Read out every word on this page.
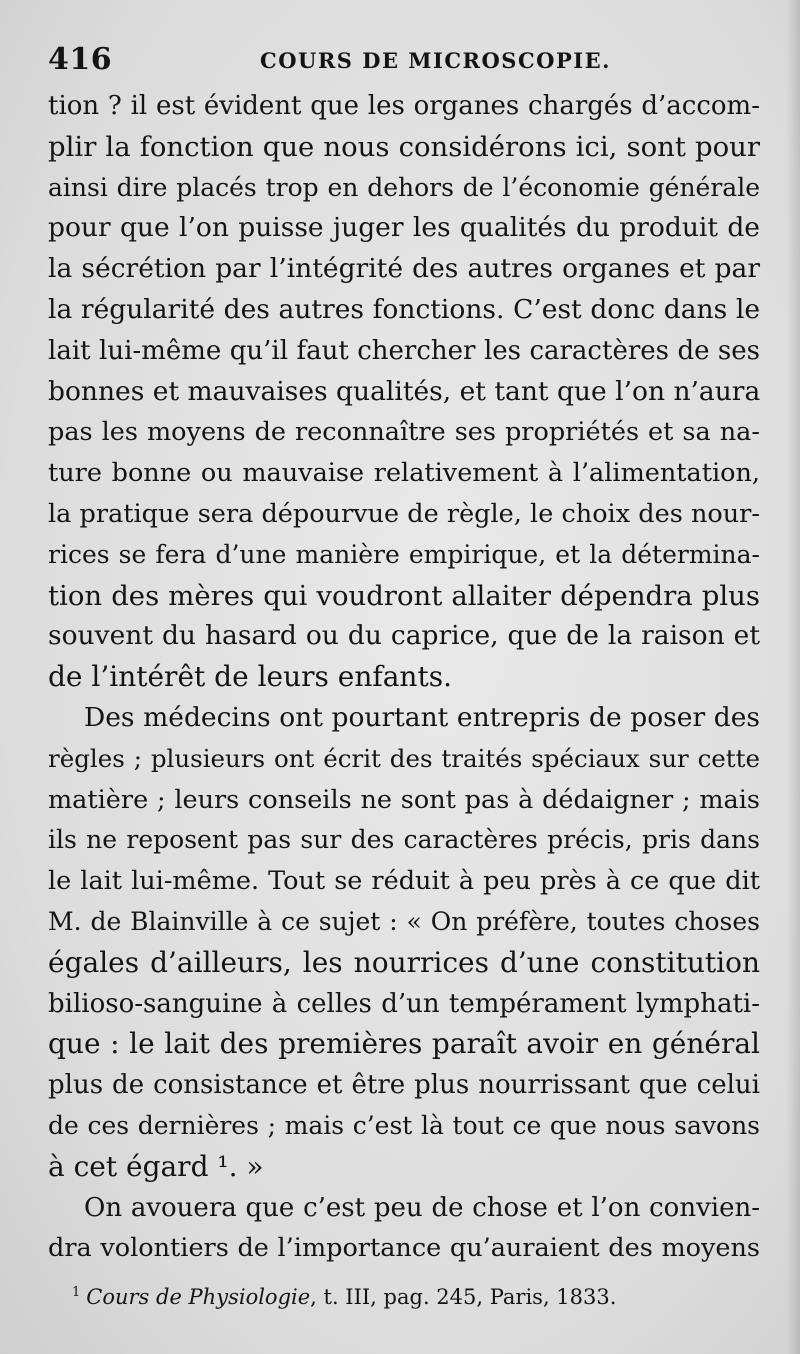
416	COURS DE MICROSCOPIE.
tion ? il est évident que les organes chargés d’accom-
plir la fonction que nous considérons ici, sont pour
ainsi dire placés trop en dehors de l’économie générale
pour que l’on puisse juger les qualités du produit de
la sécrétion par l’intégrité des autres organes et par
la régularité des autres fonctions. C’est donc dans le
lait lui-même qu’il faut chercher les caractères de ses
bonnes et mauvaises qualités, et tant que l’on n’aura
pas les moyens de reconnaître ses propriétés et sa na-
ture bonne ou mauvaise relativement à l’alimentation,
la pratique sera dépourvue de règle, le choix des nour-
rices se fera d’une manière empirique, et la détermina-
tion des mères qui voudront allaiter dépendra plus
souvent du hasard ou du caprice, que de la raison et
de l’intérêt de leurs enfants.
Des médecins ont pourtant entrepris de poser des
règles ; plusieurs ont écrit des traités spéciaux sur cette
matière ; leurs conseils ne sont pas à dédaigner ; mais
ils ne reposent pas sur des caractères précis, pris dans
le lait lui-même. Tout se réduit à peu près à ce que dit
M. de Blainville à ce sujet : « On préfère, toutes choses
égales d’ailleurs, les nourrices d’une constitution
bilioso-sanguine à celles d’un tempérament lymphati-
que : le lait des premières paraît avoir en général
plus de consistance et être plus nourrissant que celui
de ces dernières ; mais c’est là tout ce que nous savons
à cet égard ¹. »
On avouera que c’est peu de chose et l’on convien-
dra volontiers de l’importance qu’auraient des moyens
$^1$ Cours de Physiologie, t. III, pag. 245, Paris, 1833.
